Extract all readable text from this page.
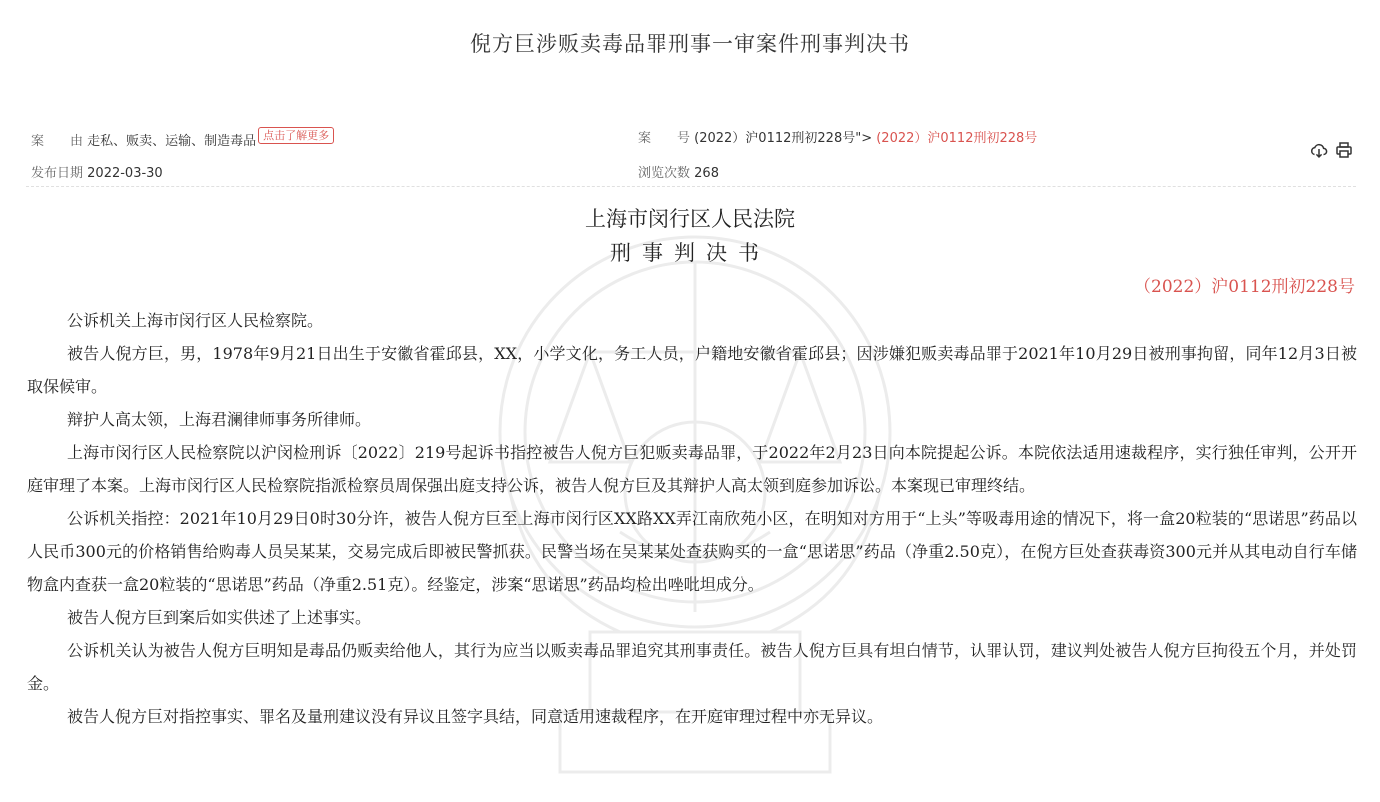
倪方巨涉贩卖毒品罪刑事一审案件刑事判决书
案　　由 走私、贩卖、运输、制造毒品 点击了解更多	案　　号 (2022）沪0112刑初228号"> (2022）沪0112刑初228号
发布日期 2022-03-30	浏览次数 268
上海市闵行区人民法院
刑事判决书
（2022）沪0112刑初228号

公诉机关上海市闵行区人民检察院。

被告人倪方巨，男，1978年9月21日出生于安徽省霍邱县，XX，小学文化，务工人员，户籍地安徽省霍邱县；因涉嫌犯贩卖毒品罪于2021年10月29日被刑事拘留，同年12月3日被取保候审。

辩护人高太领，上海君澜律师事务所律师。

上海市闵行区人民检察院以沪闵检刑诉〔2022〕219号起诉书指控被告人倪方巨犯贩卖毒品罪，于2022年2月23日向本院提起公诉。本院依法适用速裁程序，实行独任审判，公开开庭审理了本案。上海市闵行区人民检察院指派检察员周保强出庭支持公诉，被告人倪方巨及其辩护人高太领到庭参加诉讼。本案现已审理终结。

公诉机关指控：2021年10月29日0时30分许，被告人倪方巨至上海市闵行区XX路XX弄江南欣苑小区，在明知对方用于“上头”等吸毒用途的情况下，将一盒20粒装的“思诺思”药品以人民币300元的价格销售给购毒人员吴某某，交易完成后即被民警抓获。民警当场在吴某某处查获购买的一盒“思诺思”药品（净重2.50克），在倪方巨处查获毒资300元并从其电动自行车储物盒内查获一盒20粒装的“思诺思”药品（净重2.51克）。经鉴定，涉案“思诺思”药品均检出唑吡坦成分。

被告人倪方巨到案后如实供述了上述事实。

公诉机关认为被告人倪方巨明知是毒品仍贩卖给他人，其行为应当以贩卖毒品罪追究其刑事责任。被告人倪方巨具有坦白情节，认罪认罚，建议判处被告人倪方巨拘役五个月，并处罚金。

被告人倪方巨对指控事实、罪名及量刑建议没有异议且签字具结，同意适用速裁程序，在开庭审理过程中亦无异议。
